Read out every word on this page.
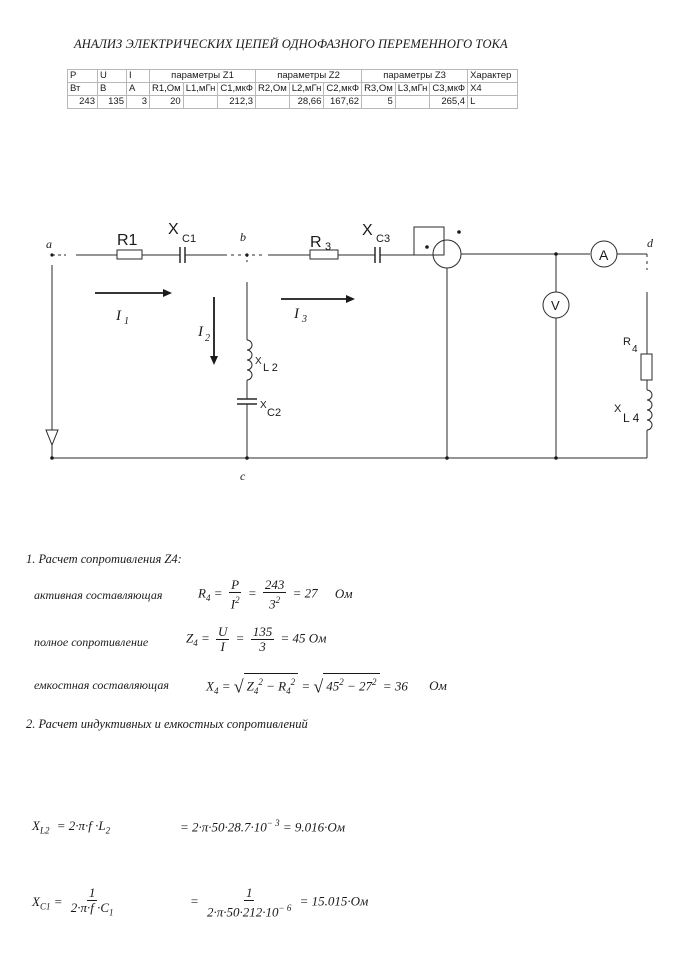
АНАЛИЗ ЭЛЕКТРИЧЕСКИХ ЦЕПЕЙ ОДНОФАЗНОГО ПЕРЕМЕННОГО ТОКА
P	U	I	параметры Z1			параметры Z2			параметры Z3			Характер
Вт	В	А	R1,Ом	L1,мГн	C1,мкФ	R2,Ом	L2,мГн	C2,мкФ	R3,Ом	L3,мГн	C3,мкФ	X4
243	135	3	20		212,3		28,66	167,62	5		265,4	L
a	b
c
d
R1
X
C1	R 3
X C3
X
L 2
X
C2
R
4
X
L 4
A
V
I 1
I 2
I 3
1. Расчет сопротивления Z4:
активная составляющая	$R_4 = \frac{P}{I^2} = \frac{243}{3^2} = 27$ Ом
полное сопротивление	$Z_4 = \frac{U}{I} = \frac{135}{3} = 45$ Ом
емкостная составляющая	$X_4$ = √ $Z_4^2 - R_4^2$ = √ $45^2 - 27^2 = 36$ Ом
2. Расчет индуктивных и емкостных сопротивлений
$X_{L2} = 2\cdot\pi\cdot f \cdot L_2$	= $2\cdot\pi\cdot 50\cdot 28.7\cdot 10^{- 3} = 9.016\cdot Ом$
$X_{C1} = \frac{1}{2\cdot\pi\cdot f \cdot C_1}$	= $\frac{1}{2\cdot\pi\cdot 50\cdot 212\cdot 10^{- 6}} = 15.015\cdot Ом$
